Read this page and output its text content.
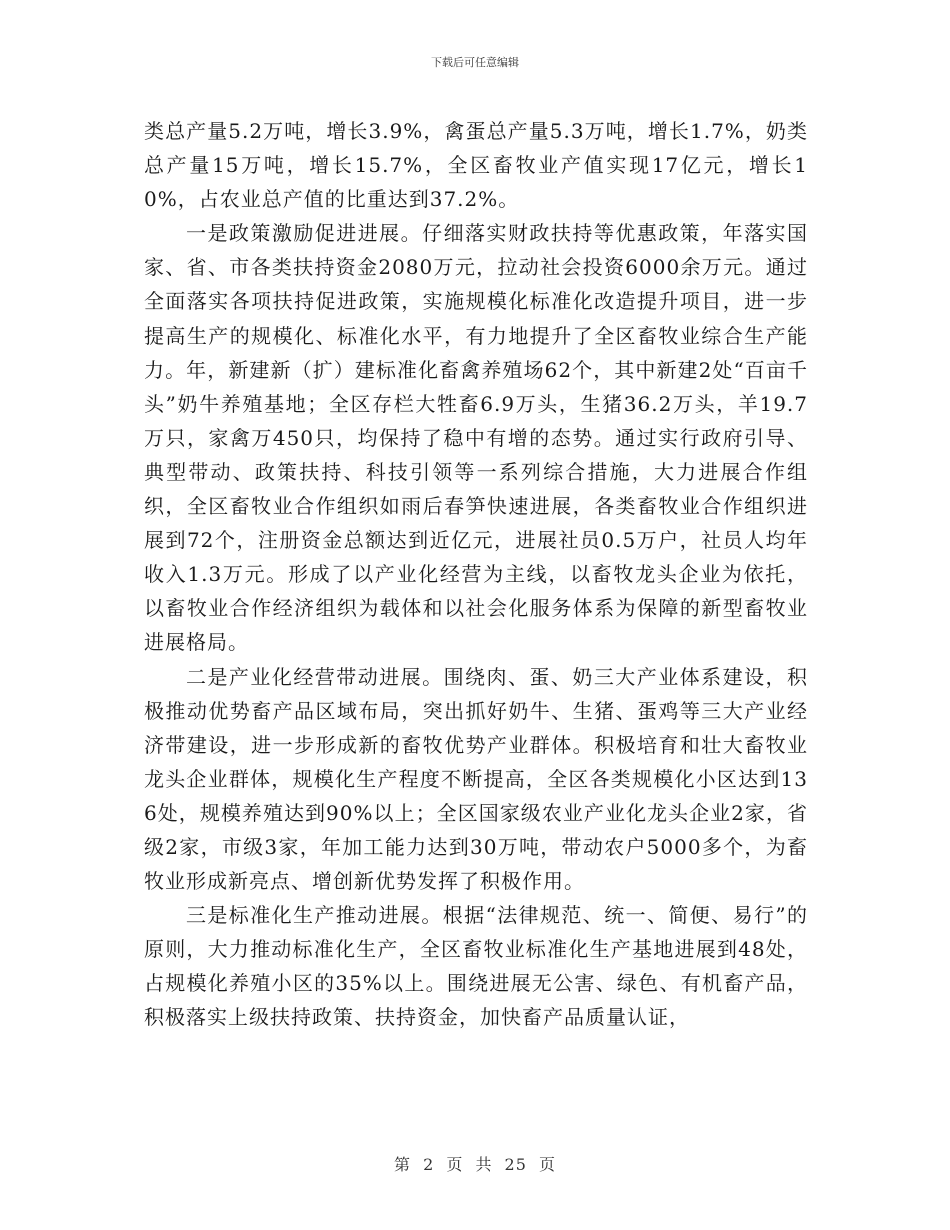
下载后可任意编辑

类总产量5.2万吨，增长3.9%，禽蛋总产量5.3万吨，增长1.7%，奶类总产量15万吨，增长15.7%，全区畜牧业产值实现17亿元，增长10%，占农业总产值的比重达到37.2%。

一是政策激励促进进展。仔细落实财政扶持等优惠政策，年落实国家、省、市各类扶持资金2080万元，拉动社会投资6000余万元。通过全面落实各项扶持促进政策，实施规模化标准化改造提升项目，进一步提高生产的规模化、标准化水平，有力地提升了全区畜牧业综合生产能力。年，新建新（扩）建标准化畜禽养殖场62个，其中新建2处“百亩千头”奶牛养殖基地；全区存栏大牲畜6.9万头，生猪36.2万头，羊19.7万只，家禽万450只，均保持了稳中有增的态势。通过实行政府引导、典型带动、政策扶持、科技引领等一系列综合措施，大力进展合作组织，全区畜牧业合作组织如雨后春笋快速进展，各类畜牧业合作组织进展到72个，注册资金总额达到近亿元，进展社员0.5万户，社员人均年收入1.3万元。形成了以产业化经营为主线，以畜牧龙头企业为依托，以畜牧业合作经济组织为载体和以社会化服务体系为保障的新型畜牧业进展格局。

二是产业化经营带动进展。围绕肉、蛋、奶三大产业体系建设，积极推动优势畜产品区域布局，突出抓好奶牛、生猪、蛋鸡等三大产业经济带建设，进一步形成新的畜牧优势产业群体。积极培育和壮大畜牧业龙头企业群体，规模化生产程度不断提高，全区各类规模化小区达到136处，规模养殖达到90%以上；全区国家级农业产业化龙头企业2家，省级2家，市级3家，年加工能力达到30万吨，带动农户5000多个，为畜牧业形成新亮点、增创新优势发挥了积极作用。

三是标准化生产推动进展。根据“法律规范、统一、简便、易行”的原则，大力推动标准化生产，全区畜牧业标准化生产基地进展到48处，占规模化养殖小区的35%以上。围绕进展无公害、绿色、有机畜产品，积极落实上级扶持政策、扶持资金，加快畜产品质量认证，

第 2 页 共 25 页
